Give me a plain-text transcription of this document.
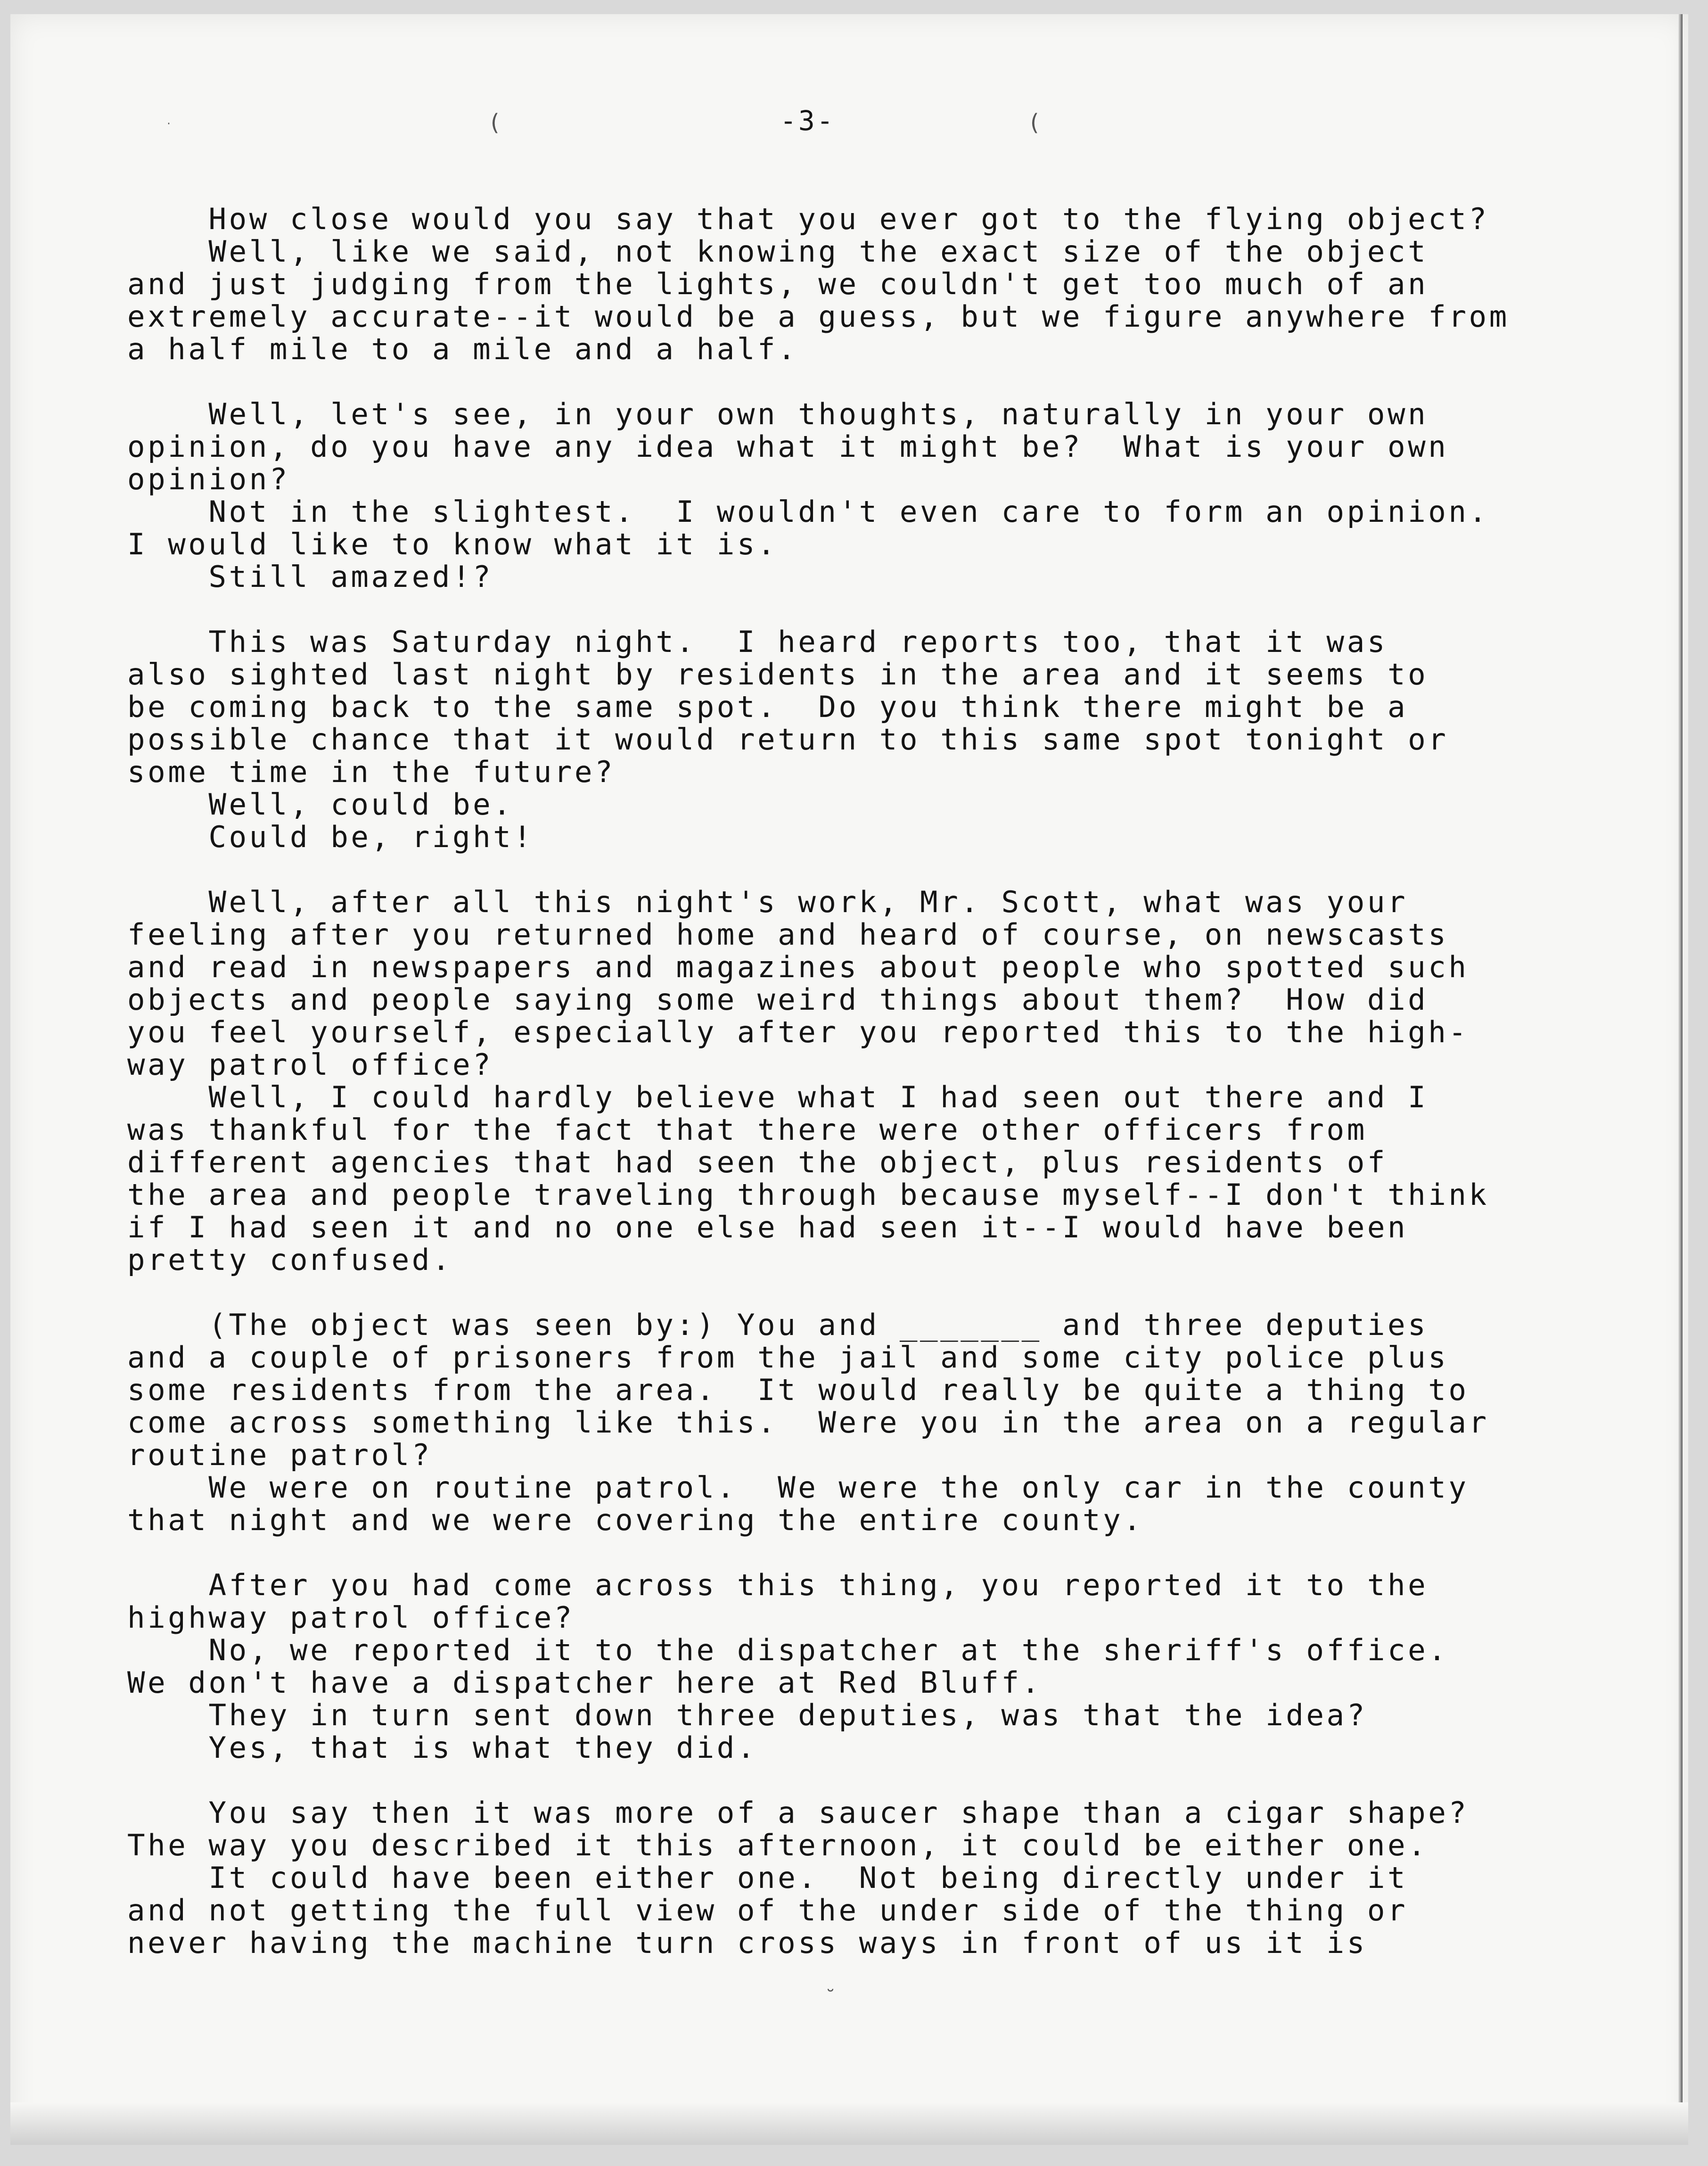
·	(	(
˘
-3-
How close would you say that you ever got to the flying object?
Well, like we said, not knowing the exact size of the object
and just judging from the lights, we couldn't get too much of an
extremely accurate--it would be a guess, but we figure anywhere from
a half mile to a mile and a half.
Well, let's see, in your own thoughts, naturally in your own
opinion, do you have any idea what it might be?  What is your own
opinion?
Not in the slightest.  I wouldn't even care to form an opinion.
I would like to know what it is.
Still amazed!?
This was Saturday night.  I heard reports too, that it was
also sighted last night by residents in the area and it seems to
be coming back to the same spot.  Do you think there might be a
possible chance that it would return to this same spot tonight or
some time in the future?
Well, could be.
Could be, right!
Well, after all this night's work, Mr. Scott, what was your
feeling after you returned home and heard of course, on newscasts
and read in newspapers and magazines about people who spotted such
objects and people saying some weird things about them?  How did
you feel yourself, especially after you reported this to the high-
way patrol office?
Well, I could hardly believe what I had seen out there and I
was thankful for the fact that there were other officers from
different agencies that had seen the object, plus residents of
the area and people traveling through because myself--I don't think
if I had seen it and no one else had seen it--I would have been
pretty confused.
(The object was seen by:) You and _______ and three deputies
and a couple of prisoners from the jail and some city police plus
some residents from the area.  It would really be quite a thing to
come across something like this.  Were you in the area on a regular
routine patrol?
We were on routine patrol.  We were the only car in the county
that night and we were covering the entire county.
After you had come across this thing, you reported it to the
highway patrol office?
No, we reported it to the dispatcher at the sheriff's office.
We don't have a dispatcher here at Red Bluff.
They in turn sent down three deputies, was that the idea?
Yes, that is what they did.
You say then it was more of a saucer shape than a cigar shape?
The way you described it this afternoon, it could be either one.
It could have been either one.  Not being directly under it
and not getting the full view of the under side of the thing or
never having the machine turn cross ways in front of us it is
